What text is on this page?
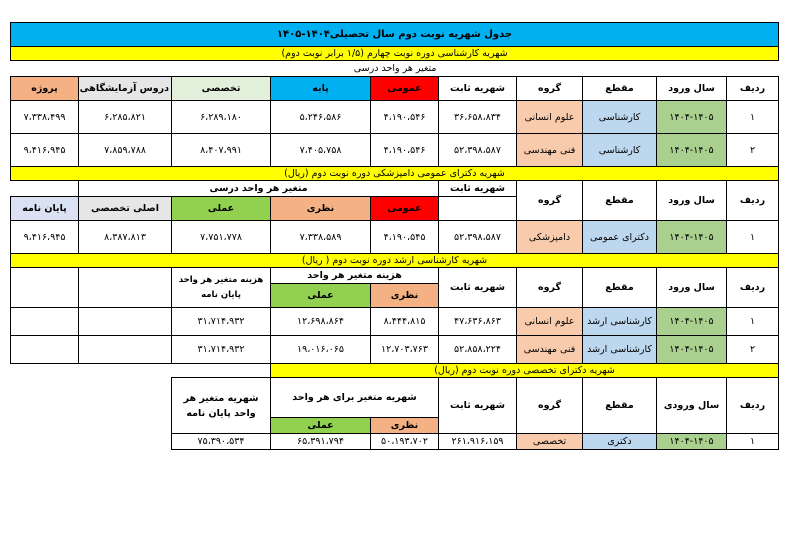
جدول شهریه نوبت دوم سال تحصیلی۱۴۰۴-۱۴۰۵									
شهریه کارشناسی دوره نوبت چهارم (۱/۵ برابر نوبت دوم)									
					متغیر هر واحد درسی				
ردیف	سال ورود	مقطع	گروه	شهریه ثابت	عمومی	پایه	تخصصی	دروس آزمایشگاهی	پروژه
۱	۱۴۰۴-۱۴۰۵	کارشناسی	علوم انسانی	۳۶،۶۵۸،۸۳۴	۴،۱۹۰،۵۴۶	۵،۲۴۶،۵۸۶	۶،۲۸۹،۱۸۰	۶،۲۸۵،۸۲۱	۷،۳۳۸،۴۹۹
۲	۱۴۰۴-۱۴۰۵	کارشناسی	فنی مهندسی	۵۲،۳۹۸،۵۸۷	۴،۱۹۰،۵۴۶	۷،۴۰۵،۷۵۸	۸،۴۰۷،۹۹۱	۷،۸۵۹،۷۸۸	۹،۴۱۶،۹۴۵
شهریه دکترای عمومی دامپزشکی دوره نوبت دوم (ریال)									
ردیف	سال ورود	مقطع	گروه	شهریه ثابت	متغیر هر واحد درسی				
					عمومی	نظری	عملی	اصلی تخصصی	پایان نامه
۱	۱۴۰۴-۱۴۰۵	دکترای عمومی	دامپزشکی	۵۲،۳۹۸،۵۸۷	۴،۱۹۰،۵۴۵	۷،۳۳۸،۵۸۹	۷،۷۵۱،۷۷۸	۸،۳۸۷،۸۱۳	۹،۴۱۶،۹۴۵
شهریه کارشناسی ارشد دوره نوبت دوم ( ریال)									
ردیف	سال ورود	مقطع	گروه	شهریه ثابت	هزینه متغیر هر واحد		هزینه متغیر هر واحد پایان نامه		
					نظری	عملی			
۱	۱۴۰۴-۱۴۰۵	کارشناسی ارشد	علوم انسانی	۴۷،۶۳۶،۸۶۳	۸،۴۴۴،۸۱۵	۱۲،۶۹۸،۸۶۴	۳۱،۷۱۴،۹۳۲		
۲	۱۴۰۴-۱۴۰۵	کارشناسی ارشد	فنی مهندسی	۵۲،۸۵۸،۲۲۴	۱۲،۷۰۳،۷۶۳	۱۹،۰۱۶،۰۶۵	۳۱،۷۱۴،۹۳۲		
شهریه دکترای تخصصی دوره نوبت دوم (ریال)									
ردیف	سال ورودی	مقطع	گروه	شهریه ثابت	شهریه متغیر برای هر واحد		شهریه متغیر هر واحد پایان نامه		
					نظری	عملی			
۱	۱۴۰۴-۱۴۰۵	دکتری	تخصصی	۲۶۱،۹۱۶،۱۵۹	۵۰،۱۹۳،۷۰۲	۶۵،۳۹۱،۷۹۴	۷۵،۳۹۰،۵۳۴		
